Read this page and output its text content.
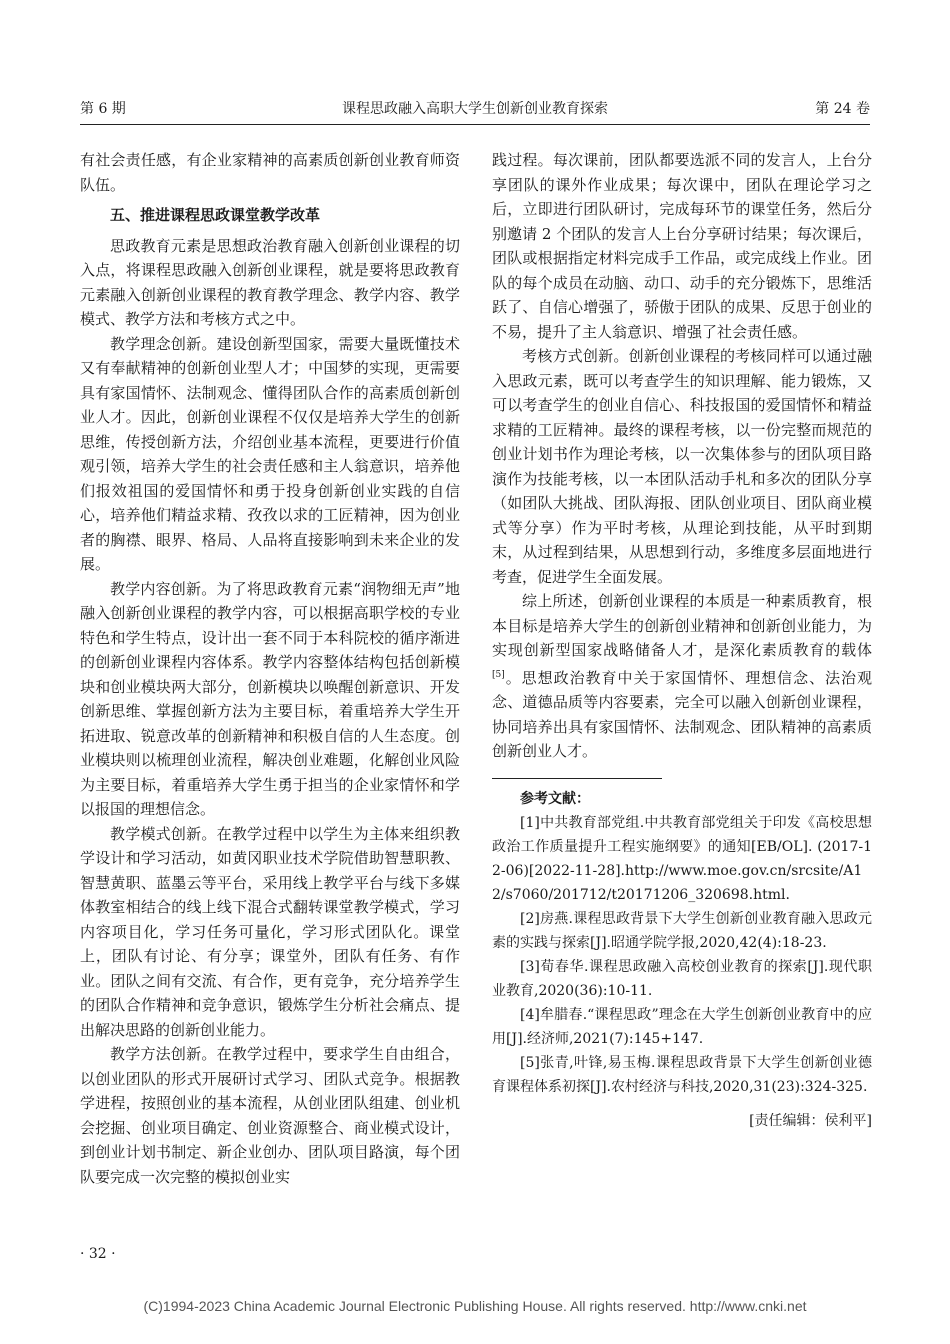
第 6 期	课程思政融入高职大学生创新创业教育探索	第 24 卷

有社会责任感，有企业家精神的高素质创新创业教育师资队伍。

五、推进课程思政课堂教学改革

思政教育元素是思想政治教育融入创新创业课程的切入点，将课程思政融入创新创业课程，就是要将思政教育元素融入创新创业课程的教育教学理念、教学内容、教学模式、教学方法和考核方式之中。

教学理念创新。建设创新型国家，需要大量既懂技术又有奉献精神的创新创业型人才；中国梦的实现，更需要具有家国情怀、法制观念、懂得团队合作的高素质创新创业人才。因此，创新创业课程不仅仅是培养大学生的创新思维，传授创新方法，介绍创业基本流程，更要进行价值观引领，培养大学生的社会责任感和主人翁意识，培养他们报效祖国的爱国情怀和勇于投身创新创业实践的自信心，培养他们精益求精、孜孜以求的工匠精神，因为创业者的胸襟、眼界、格局、人品将直接影响到未来企业的发展。

教学内容创新。为了将思政教育元素“润物细无声”地融入创新创业课程的教学内容，可以根据高职学校的专业特色和学生特点，设计出一套不同于本科院校的循序渐进的创新创业课程内容体系。教学内容整体结构包括创新模块和创业模块两大部分，创新模块以唤醒创新意识、开发创新思维、掌握创新方法为主要目标，着重培养大学生开拓进取、锐意改革的创新精神和积极自信的人生态度。创业模块则以梳理创业流程，解决创业难题，化解创业风险为主要目标，着重培养大学生勇于担当的企业家情怀和学以报国的理想信念。

教学模式创新。在教学过程中以学生为主体来组织教学设计和学习活动，如黄冈职业技术学院借助智慧职教、智慧黄职、蓝墨云等平台，采用线上教学平台与线下多媒体教室相结合的线上线下混合式翻转课堂教学模式，学习内容项目化，学习任务可量化，学习形式团队化。课堂上，团队有讨论、有分享；课堂外，团队有任务、有作业。团队之间有交流、有合作，更有竞争，充分培养学生的团队合作精神和竞争意识，锻炼学生分析社会痛点、提出解决思路的创新创业能力。

教学方法创新。在教学过程中，要求学生自由组合，以创业团队的形式开展研讨式学习、团队式竞争。根据教学进程，按照创业的基本流程，从创业团队组建、创业机会挖掘、创业项目确定、创业资源整合、商业模式设计，到创业计划书制定、新企业创办、团队项目路演，每个团队要完成一次完整的模拟创业实

践过程。每次课前，团队都要选派不同的发言人，上台分享团队的课外作业成果；每次课中，团队在理论学习之后，立即进行团队研讨，完成每环节的课堂任务，然后分别邀请 2 个团队的发言人上台分享研讨结果；每次课后，团队或根据指定材料完成手工作品，或完成线上作业。团队的每个成员在动脑、动口、动手的充分锻炼下，思维活跃了、自信心增强了，骄傲于团队的成果、反思于创业的不易，提升了主人翁意识、增强了社会责任感。

考核方式创新。创新创业课程的考核同样可以通过融入思政元素，既可以考查学生的知识理解、能力锻炼，又可以考查学生的创业自信心、科技报国的爱国情怀和精益求精的工匠精神。最终的课程考核，以一份完整而规范的创业计划书作为理论考核，以一次集体参与的团队项目路演作为技能考核，以一本团队活动手札和多次的团队分享（如团队大挑战、团队海报、团队创业项目、团队商业模式等分享）作为平时考核，从理论到技能，从平时到期末，从过程到结果，从思想到行动，多维度多层面地进行考查，促进学生全面发展。

综上所述，创新创业课程的本质是一种素质教育，根本目标是培养大学生的创新创业精神和创新创业能力，为实现创新型国家战略储备人才，是深化素质教育的载体[5]。思想政治教育中关于家国情怀、理想信念、法治观念、道德品质等内容要素，完全可以融入创新创业课程，协同培养出具有家国情怀、法制观念、团队精神的高素质创新创业人才。

参考文献：

[1]中共教育部党组.中共教育部党组关于印发《高校思想政治工作质量提升工程实施纲要》的通知[EB/OL]. (2017-12-06)[2022-11-28].http://www.moe.gov.cn/srcsite/A12/s7060/201712/t20171206_320698.html.

[2]房燕.课程思政背景下大学生创新创业教育融入思政元素的实践与探索[J].昭通学院学报,2020,42(4):18-23.

[3]荀春华.课程思政融入高校创业教育的探索[J].现代职业教育,2020(36):10-11.

[4]牟腊春.“课程思政”理念在大学生创新创业教育中的应用[J].经济师,2021(7):145+147.

[5]张青,叶锋,易玉梅.课程思政背景下大学生创新创业德育课程体系初探[J].农村经济与科技,2020,31(23):324-325.

[责任编辑：侯利平]
· 32 ·
(C)1994-2023 China Academic Journal Electronic Publishing House. All rights reserved. http://www.cnki.net
